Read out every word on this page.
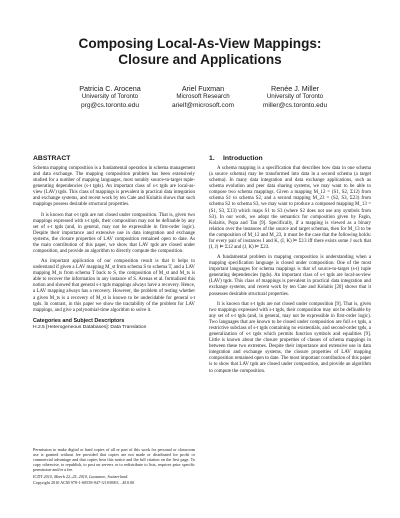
Composing Local-As-View Mappings:
Closure and Applications
Patricia C. Arocena
University of Toronto
prg@cs.toronto.edu
Ariel Fuxman
Microsoft Research
arielf@microsoft.com
Renée J. Miller
University of Toronto
miller@cs.toronto.edu
ABSTRACT

Schema mapping composition is a fundamental operation in schema management and data exchange. The mapping composition problem has been extensively studied for a number of mapping languages, most notably source-to-target tuple-generating dependencies (s-t tgds). An important class of s-t tgds are local-as-view (LAV) tgds. This class of mappings is prevalent in practical data integration and exchange systems, and recent work by ten Cate and Kolaitis shows that such mappings possess desirable structural properties.

It is known that s-t tgds are not closed under composition. That is, given two mappings expressed with s-t tgds, their composition may not be definable by any set of s-t tgds (and, in general, may not be expressible in first-order logic). Despite their importance and extensive use in data integration and exchange systems, the closure properties of LAV composition remained open to date. As the main contribution of this paper, we show that LAV tgds are closed under composition, and provide an algorithm to directly compute the composition.

An important application of our composition result is that it helps to understand if given a LAV mapping M_st from schema S to schema T, and a LAV mapping M_ts from schema T back to S, the composition of M_st and M_ts is able to recover the information in any instance of S. Arenas et al. formalized this notion and showed that general s-t tgds mappings always have a recovery. Hence, a LAV mapping always has a recovery. However, the problem of testing whether a given M_ts is a recovery of M_st is known to be undecidable for general s-t tgds. In contrast, in this paper we show the tractability of the problem for LAV mappings, and give a polynomial-time algorithm to solve it.

Categories and Subject Descriptors
H.2.5 [Heterogeneous Databases]: Data Translation

Permission to make digital or hard copies of all or part of this work for personal or classroom use is granted without fee provided that copies are not made or distributed for profit or commercial advantage and that copies bear this notice and the full citation on the first page. To copy otherwise, to republish, to post on servers or to redistribute to lists, requires prior specific permission and/or a fee.

ICDT 2010, March 22–25, 2010, Lausanne, Switzerland.
Copyright 2010 ACM 978-1-60558-947-3/10/0003 ...$10.00
1. Introduction

A schema mapping is a specification that describes how data in one schema (a source schema) may be transformed into data in a second schema (a target schema). In many data integration and data exchange applications, such as schema evolution and peer data sharing systems, we may want to be able to compose two schema mappings. Given a mapping M_12 = (S1, S2, Σ12) from schema S1 to schema S2, and a second mapping M_23 = (S2, S3, Σ23) from schema S2 to schema S3, we may want to produce a composed mapping M_13 = (S1, S3, Σ13) which maps S1 to S3 (where S2 does not use any symbols from S3). In our work, we adopt the semantics for composition given by Fagin, Kolaitis, Popa and Tan [9]. Specifically, if a mapping is viewed as a binary relation over the instances of the source and target schemas, then for M_13 to be the composition of M_12 and M_23, it must be the case that the following holds: for every pair of instances I and K, (I, K) ⊨ Σ13 iff there exists some J such that (I, J) ⊨ Σ12 and (J, K) ⊨ Σ23.

A fundamental problem in mapping composition is understanding when a mapping specification language is closed under composition. One of the most important languages for schema mappings is that of source-to-target (s-t) tuple generating dependencies (tgds). An important class of s-t tgds are local-as-view (LAV) tgds. This class of mappings is prevalent in practical data integration and exchange systems, and recent work by ten Cate and Kolaitis [20] shows that it possesses desirable structural properties.

It is known that s-t tgds are not closed under composition [9]. That is, given two mappings expressed with s-t tgds, their composition may not be definable by any set of s-t tgds (and, in general, may not be expressible in first-order logic). Two languages that are known to be closed under composition are full s-t tgds, a restrictive subclass of s-t tgds containing no existentials, and second-order tgds, a generalization of s-t tgds which permits function symbols and equalities [9]. Little is known about the closure properties of classes of schema mappings in between these two extremes. Despite their importance and extensive use in data integration and exchange systems, the closure properties of LAV mapping composition remained open to date. The most important contribution of this paper is to show that LAV tgds are closed under composition, and provide an algorithm to compute the composition.
